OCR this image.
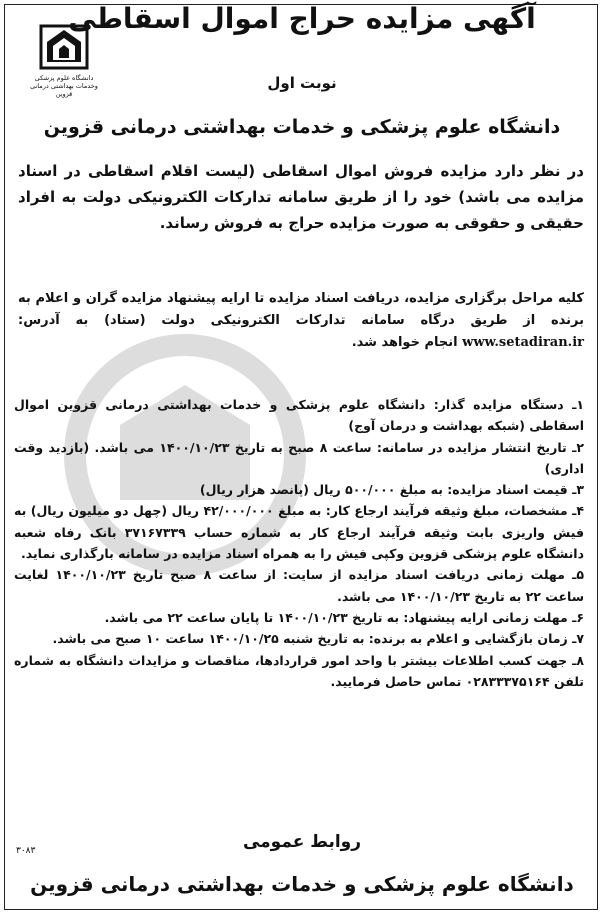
آگهی مزایده حراج اموال اسقاطی
دانشگاه علوم پزشکی
وخدمات بهداشتی درمانی قزوین
نوبت اول
دانشگاه علوم پزشکی و خدمات بهداشتی درمانی قزوین
در نظر دارد مزایده فروش اموال اسقاطی (لیست اقلام اسقاطی در اسناد مزایده می باشد) خود را از طریق سامانه تدارکات الکترونیکی دولت به افراد حقیقی و حقوقی به صورت مزایده حراج به فروش رساند.
کلیه مراحل برگزاری مزایده، دریافت اسناد مزایده تا ارایه پیشنهاد مزایده گران و اعلام به برنده از طریق درگاه سامانه تدارکات الکترونیکی دولت (ستاد) به آدرس: www.setadiran.ir انجام خواهد شد.

۱ـ دستگاه مزایده گذار: دانشگاه علوم پزشکی و خدمات بهداشتی درمانی قزوین اموال اسقاطی (شبکه بهداشت و درمان آوج)

۲ـ تاریخ انتشار مزایده در سامانه: ساعت ۸ صبح به تاریخ ۱۴۰۰/۱۰/۲۳ می باشد. (بازدید وقت اداری)

۳ـ قیمت اسناد مزایده: به مبلغ ۵۰۰/۰۰۰ ریال (پانصد هزار ریال)

۴ـ مشخصات، مبلغ وثیقه فرآیند ارجاع کار: به مبلغ ۴۲/۰۰۰/۰۰۰ ریال (چهل دو میلیون ریال) به فیش واریزی بابت وثیقه فرآیند ارجاع کار به شماره حساب ۳۷۱۶۷۳۳۹ بانک رفاه شعبه دانشگاه علوم پزشکی قزوین وکپی فیش را به همراه اسناد مزایده در سامانه بارگذاری نماید.

۵ـ مهلت زمانی دریافت اسناد مزایده از سایت: از ساعت ۸ صبح تاریخ ۱۴۰۰/۱۰/۲۳ لغایت ساعت ۲۲ به تاریخ ۱۴۰۰/۱۰/۲۳ می باشد.

۶ـ مهلت زمانی ارایه پیشنهاد: به تاریخ ۱۴۰۰/۱۰/۲۳ تا پایان ساعت ۲۲ می باشد.

۷ـ زمان بازگشایی و اعلام به برنده: به تاریخ شنبه ۱۴۰۰/۱۰/۲۵ ساعت ۱۰ صبح می باشد.

۸ـ جهت کسب اطلاعات بیشتر با واحد امور قراردادها، مناقصات و مزایدات دانشگاه به شماره تلفن ۰۲۸۳۳۳۷۵۱۶۴ تماس حاصل فرمایید.

۳۰۸۳	روابط عمومی
دانشگاه علوم پزشکی و خدمات بهداشتی درمانی قزوین
